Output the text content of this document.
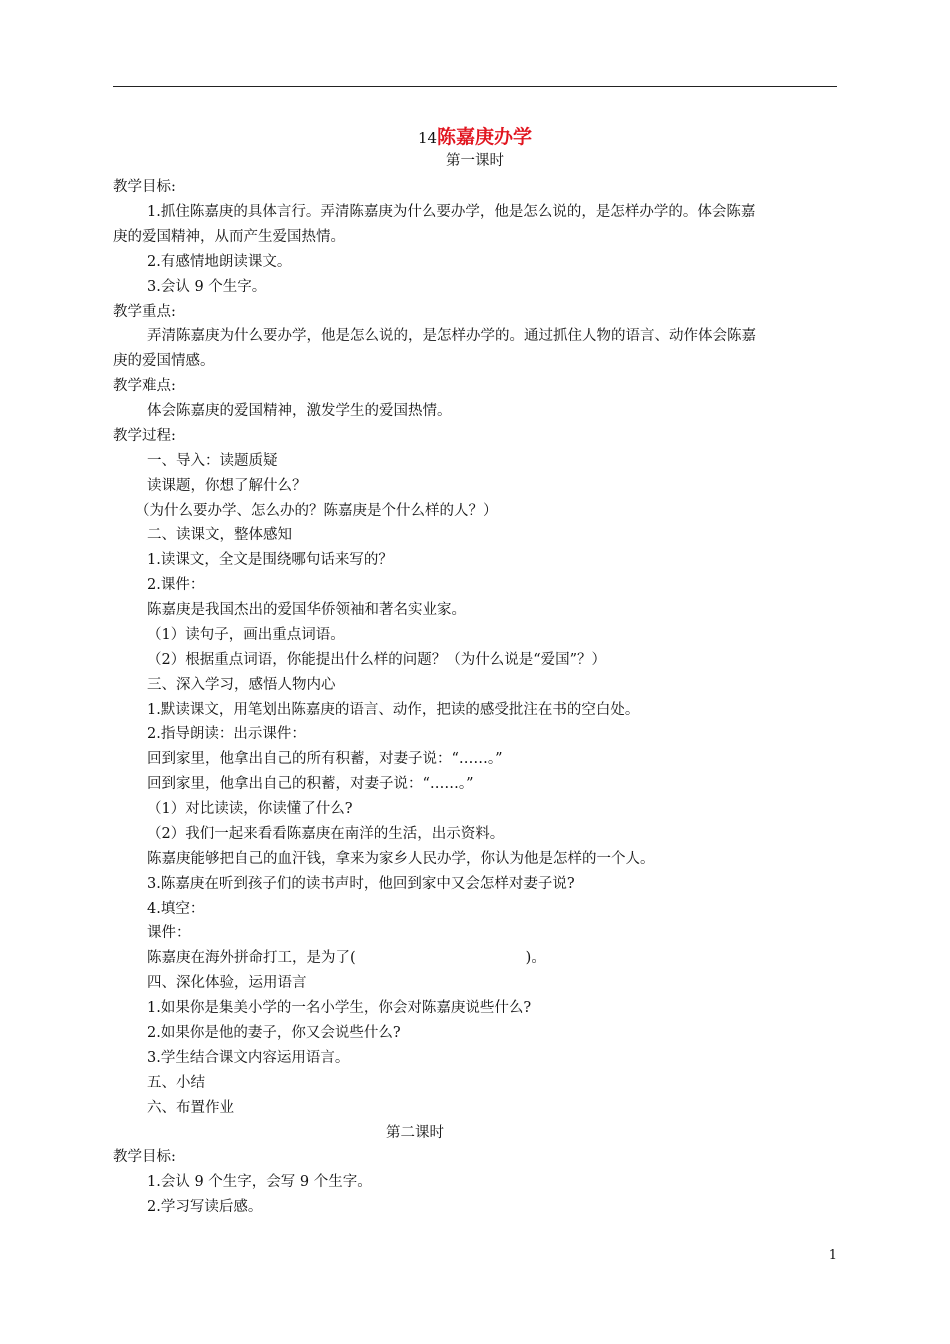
14陈嘉庚办学
第一课时
教学目标:
1.抓住陈嘉庚的具体言行。弄清陈嘉庚为什么要办学，他是怎么说的，是怎样办学的。体会陈嘉
庚的爱国精神，从而产生爱国热情。
2.有感情地朗读课文。
3.会认 9 个生字。
教学重点:
弄清陈嘉庚为什么要办学，他是怎么说的，是怎样办学的。通过抓住人物的语言、动作体会陈嘉
庚的爱国情感。
教学难点:
体会陈嘉庚的爱国精神，激发学生的爱国热情。
教学过程:
一、导入：读题质疑
读课题，你想了解什么？
（为什么要办学、怎么办的？陈嘉庚是个什么样的人？）
二、读课文，整体感知
1.读课文，全文是围绕哪句话来写的？
2.课件：
陈嘉庚是我国杰出的爱国华侨领袖和著名实业家。
（1）读句子，画出重点词语。
（2）根据重点词语，你能提出什么样的问题？（为什么说是“爱国”？）
三、深入学习，感悟人物内心
1.默读课文，用笔划出陈嘉庚的语言、动作，把读的感受批注在书的空白处。
2.指导朗读：出示课件：
回到家里，他拿出自己的所有积蓄，对妻子说：“……。”
回到家里，他拿出自己的积蓄，对妻子说：“……。”
（1）对比读读，你读懂了什么?
（2）我们一起来看看陈嘉庚在南洋的生活，出示资料。
陈嘉庚能够把自己的血汗钱，拿来为家乡人民办学，你认为他是怎样的一个人。
3.陈嘉庚在听到孩子们的读书声时，他回到家中又会怎样对妻子说?
4.填空：
课件：
陈嘉庚在海外拼命打工，是为了(	)。
四、深化体验，运用语言
1.如果你是集美小学的一名小学生，你会对陈嘉庚说些什么?
2.如果你是他的妻子，你又会说些什么?
3.学生结合课文内容运用语言。
五、小结
六、布置作业
第二课时
教学目标:
1.会认 9 个生字，会写 9 个生字。
2.学习写读后感。
1
